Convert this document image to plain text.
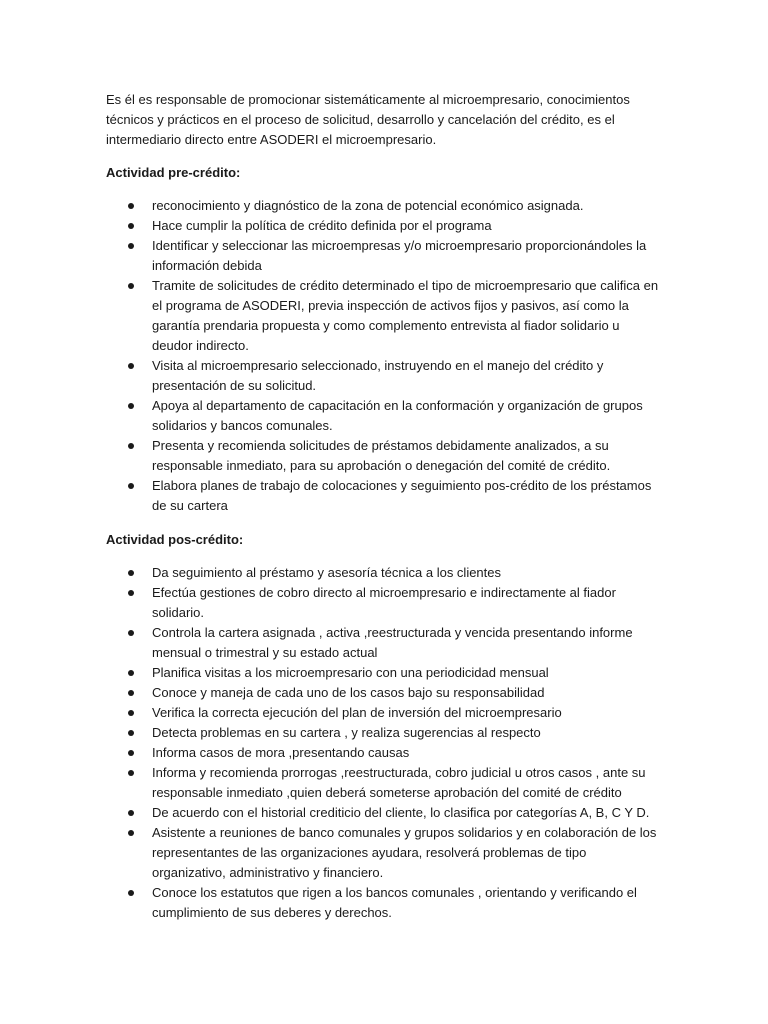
Es él es responsable de promocionar sistemáticamente al microempresario, conocimientos técnicos y prácticos en el proceso de solicitud, desarrollo y cancelación del crédito, es el intermediario directo entre ASODERI el microempresario.

Actividad pre-crédito:

reconocimiento y diagnóstico de la zona de potencial económico asignada.
Hace cumplir la política de crédito definida por el programa
Identificar y seleccionar las microempresas y/o microempresario proporcionándoles la información debida
Tramite de solicitudes de crédito determinado el tipo de microempresario que califica en el programa de ASODERI, previa inspección de activos fijos y pasivos, así como la garantía prendaria propuesta y como complemento entrevista al fiador solidario u deudor indirecto.
Visita al microempresario seleccionado, instruyendo en el manejo del crédito y presentación de su solicitud.
Apoya al departamento de capacitación en la conformación y organización de grupos solidarios y bancos comunales.
Presenta y recomienda solicitudes de préstamos debidamente analizados, a su responsable inmediato, para su aprobación o denegación del comité de crédito.
Elabora planes de trabajo de colocaciones y seguimiento pos-crédito de los préstamos de su cartera

Actividad pos-crédito:

Da seguimiento al préstamo y asesoría técnica a los clientes
Efectúa gestiones de cobro directo al microempresario e indirectamente al fiador solidario.
Controla la cartera asignada , activa ,reestructurada y vencida presentando informe mensual o trimestral y su estado actual
Planifica visitas a los microempresario con una periodicidad mensual
Conoce y maneja de cada uno de los casos bajo su responsabilidad
Verifica la correcta ejecución del plan de inversión del microempresario
Detecta problemas en su cartera , y realiza sugerencias al respecto
Informa casos de mora ,presentando causas
Informa y recomienda prorrogas ,reestructurada, cobro judicial u otros casos , ante su responsable inmediato ,quien deberá someterse aprobación del comité de crédito
De acuerdo con el historial crediticio del cliente, lo clasifica por categorías A, B, C Y D.
Asistente a reuniones de banco comunales y grupos solidarios y en colaboración de los representantes de las organizaciones ayudara, resolverá problemas de tipo organizativo, administrativo y financiero.
Conoce los estatutos que rigen a los bancos comunales , orientando y verificando el cumplimiento de sus deberes y derechos.
